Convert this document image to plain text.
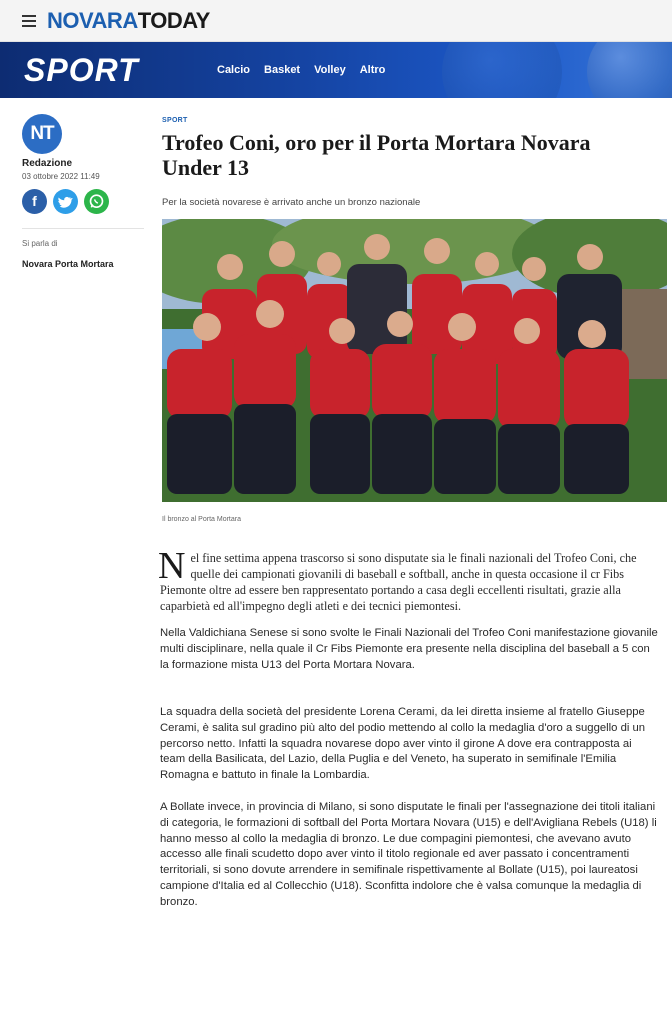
NOVARATODAY
SPORT	Calcio Basket Volley Altro
NT
Redazione
03 ottobre 2022 11:49
f
Si parla di
Novara Porta Mortara
SPORT
Trofeo Coni, oro per il Porta Mortara Novara Under 13
Per la società novarese è arrivato anche un bronzo nazionale
Il bronzo al Porta Mortara
Nel fine settima appena trascorso si sono disputate sia le finali nazionali del Trofeo Coni, che quelle dei campionati giovanili di baseball e softball, anche in questa occasione il cr Fibs Piemonte oltre ad essere ben rappresentato portando a casa degli eccellenti risultati, grazie alla caparbietà ed all'impegno degli atleti e dei tecnici piemontesi.

Nella Valdichiana Senese si sono svolte le Finali Nazionali del Trofeo Coni manifestazione giovanile multi disciplinare, nella quale il Cr Fibs Piemonte era presente nella disciplina del baseball a 5 con la formazione mista U13 del Porta Mortara Novara.

La squadra della società del presidente Lorena Cerami, da lei diretta insieme al fratello Giuseppe Cerami, è salita sul gradino più alto del podio mettendo al collo la medaglia d'oro a suggello di un percorso netto. Infatti la squadra novarese dopo aver vinto il girone A dove era contrapposta ai team della Basilicata, del Lazio, della Puglia e del Veneto, ha superato in semifinale l'Emilia Romagna e battuto in finale la Lombardia.

A Bollate invece, in provincia di Milano, si sono disputate le finali per l'assegnazione dei titoli italiani di categoria, le formazioni di softball del Porta Mortara Novara (U15) e dell'Avigliana Rebels (U18) li hanno messo al collo la medaglia di bronzo. Le due compagini piemontesi, che avevano avuto accesso alle finali scudetto dopo aver vinto il titolo regionale ed aver passato i concentramenti territoriali, si sono dovute arrendere in semifinale rispettivamente al Bollate (U15), poi laureatosi campione d'Italia ed al Collecchio (U18). Sconfitta indolore che è valsa comunque la medaglia di bronzo.
